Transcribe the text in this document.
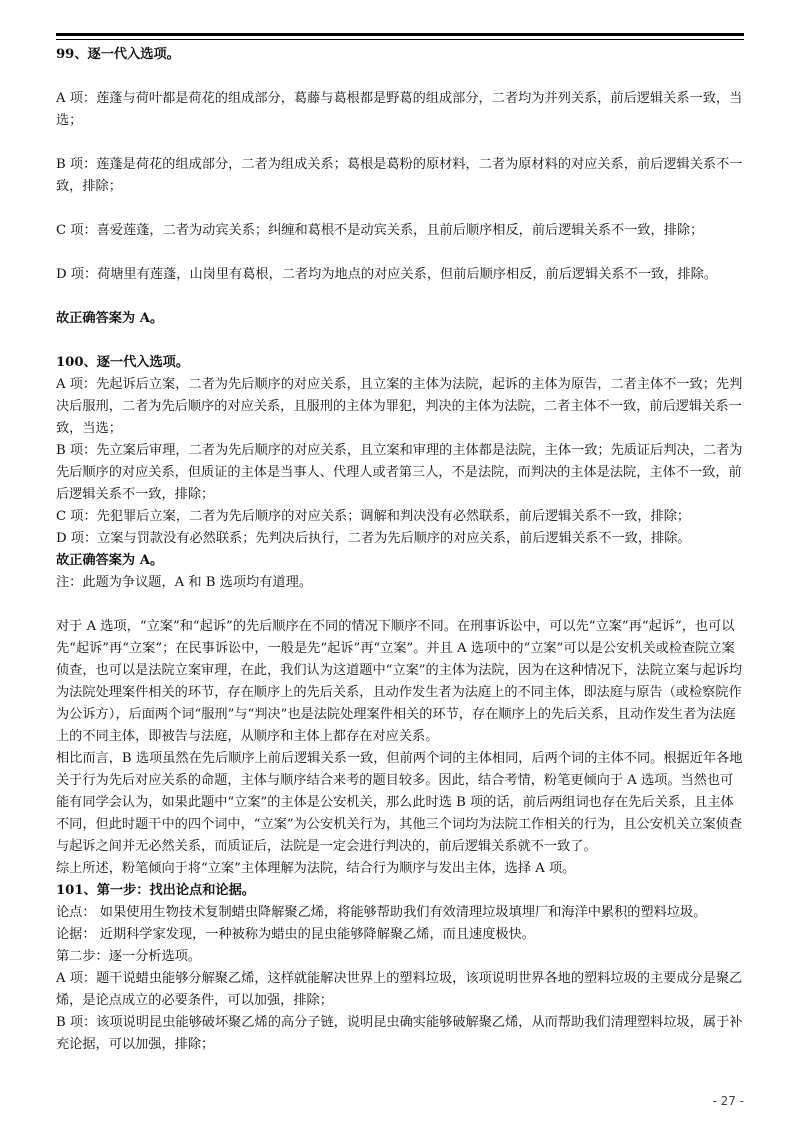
99、逐一代入选项。

A 项：莲蓬与荷叶都是荷花的组成部分，葛藤与葛根都是野葛的组成部分，二者均为并列关系，前后逻辑关系一致，当选；

B 项：莲蓬是荷花的组成部分，二者为组成关系；葛根是葛粉的原材料，二者为原材料的对应关系，前后逻辑关系不一致，排除；

C 项：喜爱莲蓬，二者为动宾关系；纠缠和葛根不是动宾关系，且前后顺序相反，前后逻辑关系不一致，排除；

D 项：荷塘里有莲蓬，山岗里有葛根，二者均为地点的对应关系，但前后顺序相反，前后逻辑关系不一致，排除。

故正确答案为 A。

100、逐一代入选项。

A 项：先起诉后立案，二者为先后顺序的对应关系，且立案的主体为法院，起诉的主体为原告，二者主体不一致；先判决后服刑，二者为先后顺序的对应关系，且服刑的主体为罪犯，判决的主体为法院，二者主体不一致，前后逻辑关系一致，当选；

B 项：先立案后审理，二者为先后顺序的对应关系，且立案和审理的主体都是法院，主体一致；先质证后判决，二者为先后顺序的对应关系，但质证的主体是当事人、代理人或者第三人，不是法院，而判决的主体是法院，主体不一致，前后逻辑关系不一致，排除；

C 项：先犯罪后立案，二者为先后顺序的对应关系；调解和判决没有必然联系，前后逻辑关系不一致，排除；

D 项：立案与罚款没有必然联系；先判决后执行，二者为先后顺序的对应关系，前后逻辑关系不一致，排除。

故正确答案为 A。

注：此题为争议题，A 和 B 选项均有道理。

对于 A 选项，“立案”和“起诉”的先后顺序在不同的情况下顺序不同。在刑事诉讼中，可以先“立案”再“起诉”，也可以先“起诉”再“立案”；在民事诉讼中，一般是先“起诉”再“立案”。并且 A 选项中的“立案”可以是公安机关或检查院立案侦查，也可以是法院立案审理，在此，我们认为这道题中“立案”的主体为法院，因为在这种情况下，法院立案与起诉均为法院处理案件相关的环节，存在顺序上的先后关系，且动作发生者为法庭上的不同主体，即法庭与原告（或检察院作为公诉方），后面两个词“服刑”与“判决”也是法院处理案件相关的环节，存在顺序上的先后关系，且动作发生者为法庭上的不同主体，即被告与法庭，从顺序和主体上都存在对应关系。

相比而言，B 选项虽然在先后顺序上前后逻辑关系一致，但前两个词的主体相同，后两个词的主体不同。根据近年各地关于行为先后对应关系的命题，主体与顺序结合来考的题目较多。因此，结合考情，粉笔更倾向于 A 选项。当然也可能有同学会认为，如果此题中“立案”的主体是公安机关，那么此时选 B 项的话，前后两组词也存在先后关系，且主体不同，但此时题干中的四个词中，“立案”为公安机关行为，其他三个词均为法院工作相关的行为，且公安机关立案侦查与起诉之间并无必然关系，而质证后，法院是一定会进行判决的，前后逻辑关系就不一致了。

综上所述，粉笔倾向于将“立案”主体理解为法院，结合行为顺序与发出主体，选择 A 项。

101、第一步：找出论点和论据。

论点： 如果使用生物技术复制蜡虫降解聚乙烯，将能够帮助我们有效清理垃圾填埋厂和海洋中累积的塑料垃圾。

论据： 近期科学家发现，一种被称为蜡虫的昆虫能够降解聚乙烯，而且速度极快。

第二步：逐一分析选项。

A 项：题干说蜡虫能够分解聚乙烯，这样就能解决世界上的塑料垃圾，该项说明世界各地的塑料垃圾的主要成分是聚乙烯，是论点成立的必要条件，可以加强，排除；

B 项：该项说明昆虫能够破坏聚乙烯的高分子链，说明昆虫确实能够破解聚乙烯，从而帮助我们清理塑料垃圾，属于补充论据，可以加强，排除；

- 27 -
